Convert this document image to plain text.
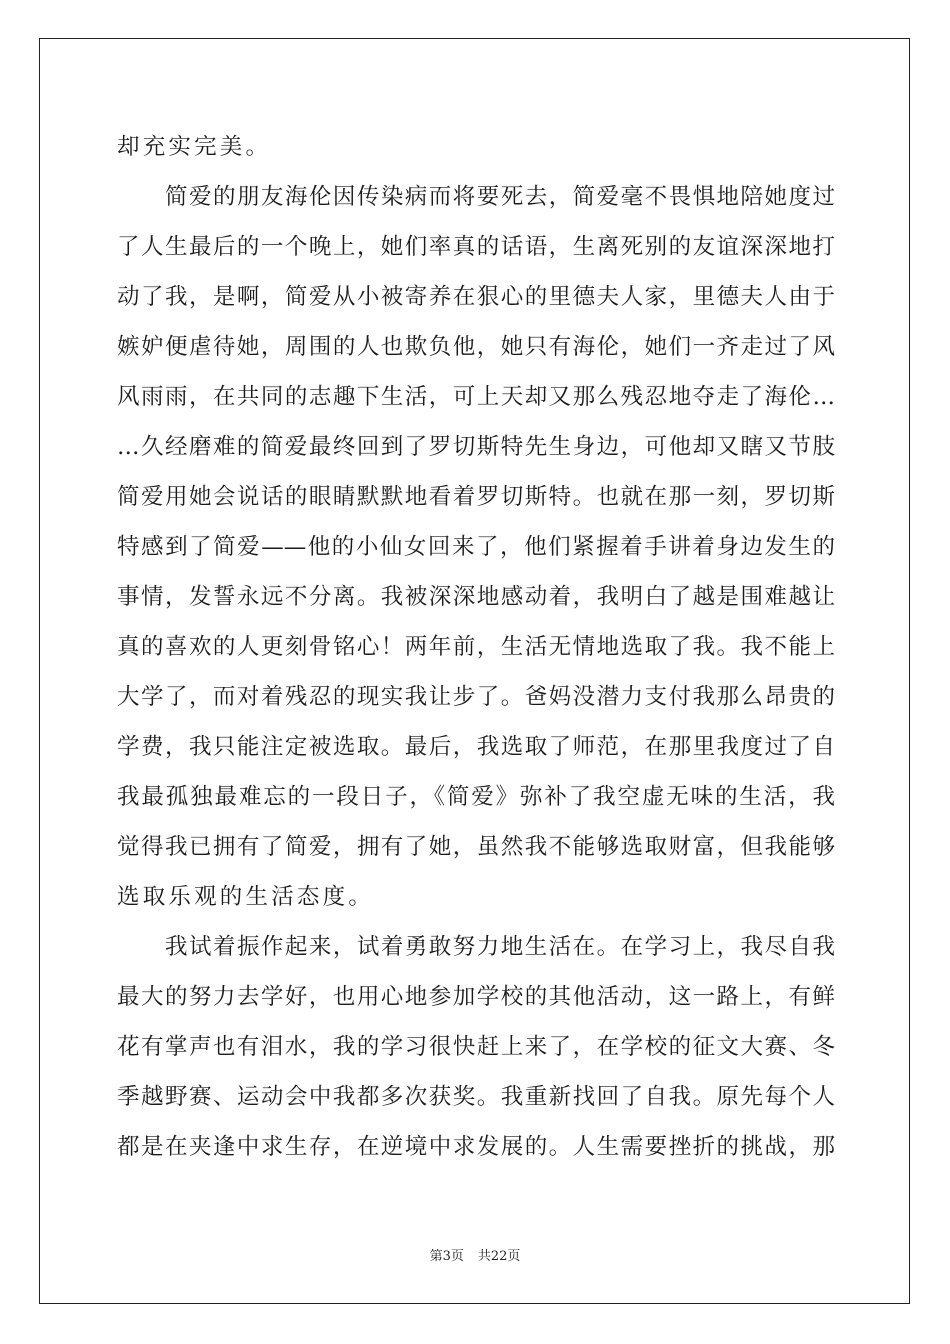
却充实完美。
简爱的朋友海伦因传染病而将要死去，简爱毫不畏惧地陪她度过
了人生最后的一个晚上，她们率真的话语，生离死别的友谊深深地打
动了我，是啊，简爱从小被寄养在狠心的里德夫人家，里德夫人由于
嫉妒便虐待她，周围的人也欺负他，她只有海伦，她们一齐走过了风
风雨雨，在共同的志趣下生活，可上天却又那么残忍地夺走了海伦…
…久经磨难的简爱最终回到了罗切斯特先生身边，可他却又瞎又节肢
简爱用她会说话的眼睛默默地看着罗切斯特。也就在那一刻，罗切斯
特感到了简爱——他的小仙女回来了，他们紧握着手讲着身边发生的
事情，发誓永远不分离。我被深深地感动着，我明白了越是围难越让
真的喜欢的人更刻骨铭心！两年前，生活无情地选取了我。我不能上
大学了，而对着残忍的现实我让步了。爸妈没潜力支付我那么昂贵的
学费，我只能注定被选取。最后，我选取了师范，在那里我度过了自
我最孤独最难忘的一段日子，《简爱》弥补了我空虚无味的生活，我
觉得我已拥有了简爱，拥有了她，虽然我不能够选取财富，但我能够
选取乐观的生活态度。
我试着振作起来，试着勇敢努力地生活在。在学习上，我尽自我
最大的努力去学好，也用心地参加学校的其他活动，这一路上，有鲜
花有掌声也有泪水，我的学习很快赶上来了，在学校的征文大赛、冬
季越野赛、运动会中我都多次获奖。我重新找回了自我。原先每个人
都是在夹逢中求生存，在逆境中求发展的。人生需要挫折的挑战，那
第3页 共22页
